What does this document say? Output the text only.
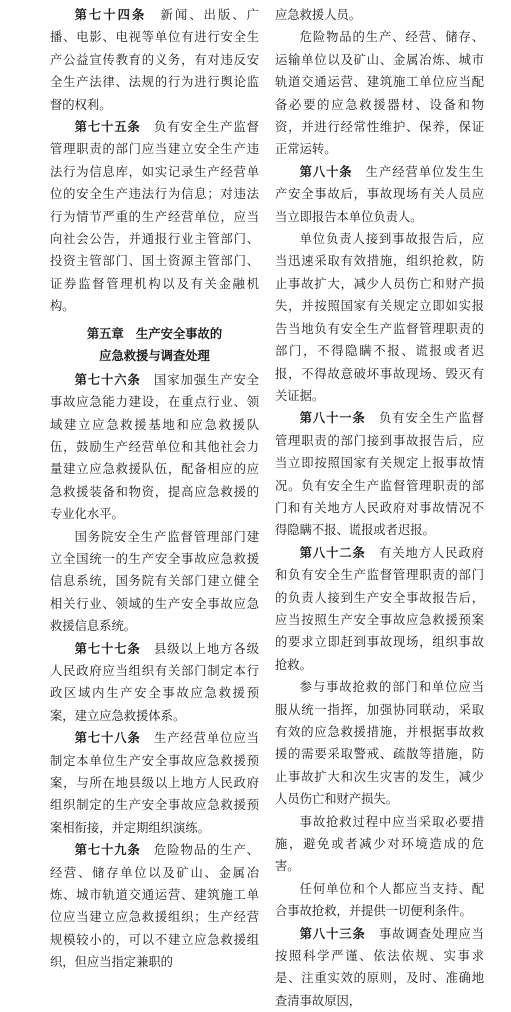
第七十四条　 新闻、出版、广播、电影、电视等单位有进行安全生产公益宣传教育的义务，有对违反安全生产法律、法规的行为进行舆论监督的权利。

第七十五条　 负有安全生产监督管理职责的部门应当建立安全生产违法行为信息库，如实记录生产经营单位的安全生产违法行为信息；对违法行为情节严重的生产经营单位，应当向社会公告，并通报行业主管部门、投资主管部门、国土资源主管部门、证券监督管理机构以及有关金融机构。

第五章　生产安全事故的
应急救援与调查处理

第七十六条　 国家加强生产安全事故应急能力建设，在重点行业、领域建立应急救援基地和应急救援队伍，鼓励生产经营单位和其他社会力量建立应急救援队伍，配备相应的应急救援装备和物资，提高应急救援的专业化水平。

国务院安全生产监督管理部门建立全国统一的生产安全事故应急救援信息系统，国务院有关部门建立健全相关行业、领域的生产安全事故应急救援信息系统。

第七十七条　 县级以上地方各级人民政府应当组织有关部门制定本行政区域内生产安全事故应急救援预案，建立应急救援体系。

第七十八条　 生产经营单位应当制定本单位生产安全事故应急救援预案，与所在地县级以上地方人民政府组织制定的生产安全事故应急救援预案相衔接，并定期组织演练。

第七十九条　 危险物品的生产、经营、储存单位以及矿山、金属冶炼、城市轨道交通运营、建筑施工单位应当建立应急救援组织；生产经营规模较小的，可以不建立应急救援组织，但应当指定兼职的

应急救援人员。

危险物品的生产、经营、储存、运输单位以及矿山、金属冶炼、城市轨道交通运营、建筑施工单位应当配备必要的应急救援器材、设备和物资，并进行经常性维护、保养，保证正常运转。

第八十条　 生产经营单位发生生产安全事故后，事故现场有关人员应当立即报告本单位负责人。

单位负责人接到事故报告后，应当迅速采取有效措施，组织抢救，防止事故扩大，减少人员伤亡和财产损失，并按照国家有关规定立即如实报告当地负有安全生产监督管理职责的部门，不得隐瞒不报、谎报或者迟报，不得故意破坏事故现场、毁灭有关证据。

第八十一条　 负有安全生产监督管理职责的部门接到事故报告后，应当立即按照国家有关规定上报事故情况。负有安全生产监督管理职责的部门和有关地方人民政府对事故情况不得隐瞒不报、谎报或者迟报。

第八十二条　 有关地方人民政府和负有安全生产监督管理职责的部门的负责人接到生产安全事故报告后，应当按照生产安全事故应急救援预案的要求立即赶到事故现场，组织事故抢救。

参与事故抢救的部门和单位应当服从统一指挥，加强协同联动，采取有效的应急救援措施，并根据事故救援的需要采取警戒、疏散等措施，防止事故扩大和次生灾害的发生，减少人员伤亡和财产损失。

事故抢救过程中应当采取必要措施，避免或者减少对环境造成的危害。

任何单位和个人都应当支持、配合事故抢救，并提供一切便利条件。

第八十三条　 事故调查处理应当按照科学严谨、依法依规、实事求是、注重实效的原则，及时、准确地查清事故原因，
